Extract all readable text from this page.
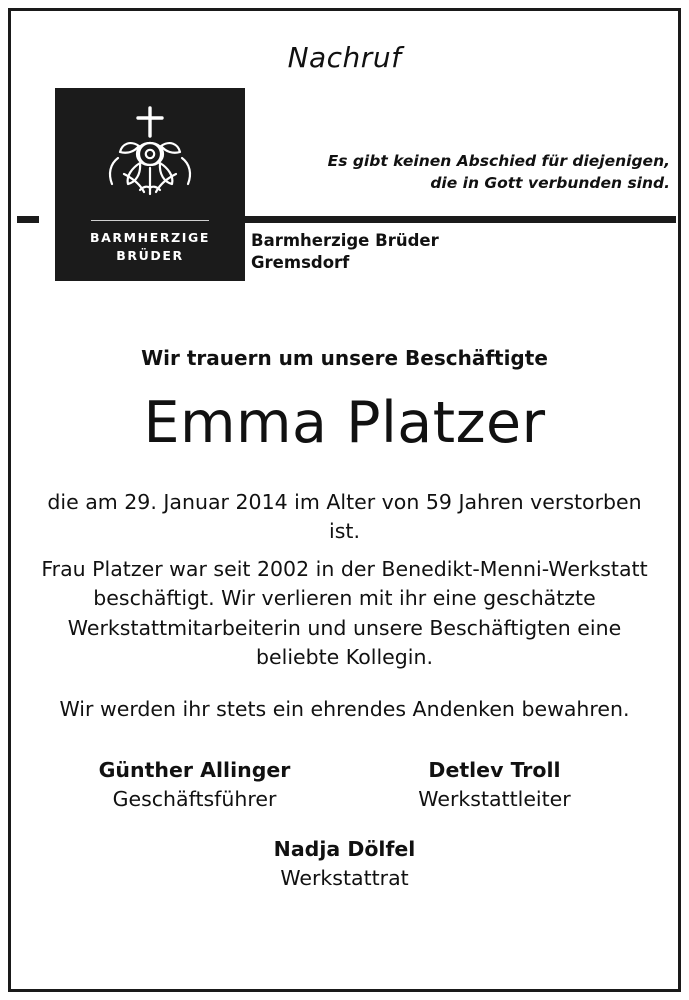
Nachruf
BARMHERZIGE
BRÜDER
Es gibt keinen Abschied für diejenigen,
die in Gott verbunden sind.
Barmherzige Brüder
Gremsdorf
Wir trauern um unsere Beschäftigte
Emma Platzer
die am 29. Januar 2014 im Alter von 59 Jahren verstorben ist.
Frau Platzer war seit 2002 in der Benedikt-Menni-Werkstatt beschäftigt. Wir verlieren mit ihr eine geschätzte Werkstattmitarbeiterin und unsere Beschäftigten eine beliebte Kollegin.
Wir werden ihr stets ein ehrendes Andenken bewahren.
Günther Allinger
Geschäftsführer
Detlev Troll
Werkstattleiter
Nadja Dölfel
Werkstattrat
